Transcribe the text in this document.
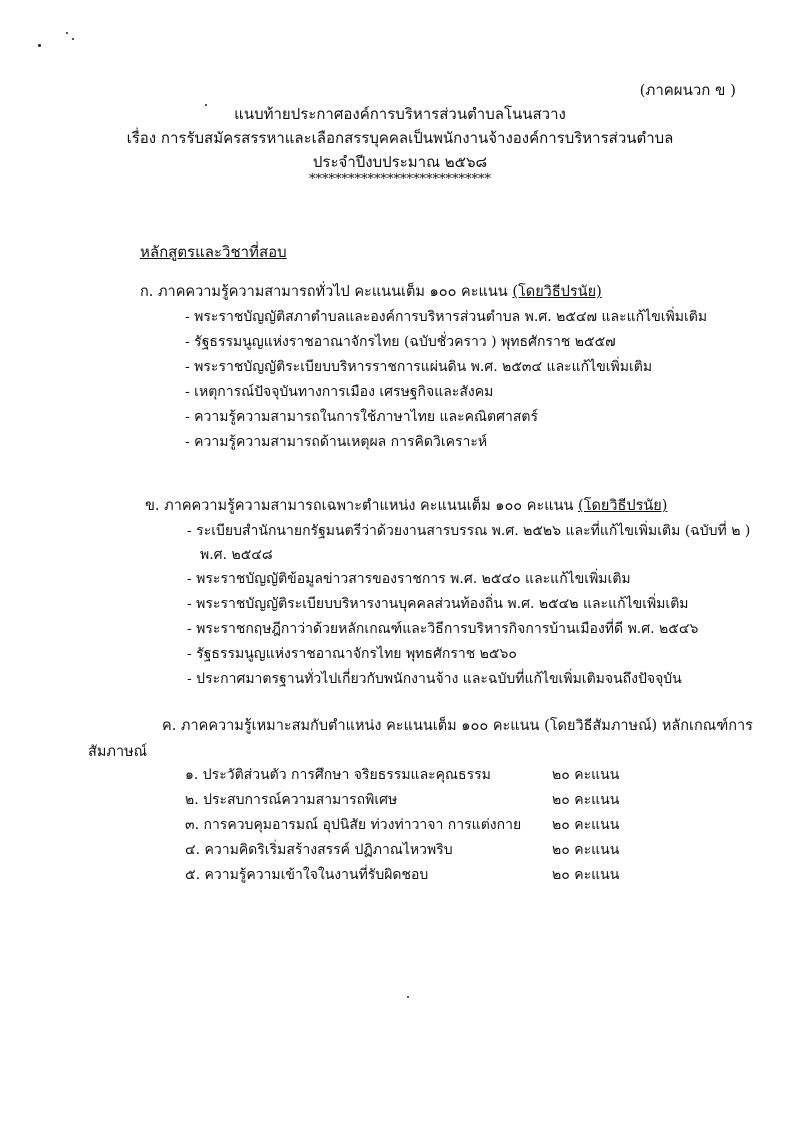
(ภาคผนวก ข )
แนบท้ายประกาศองค์การบริหารส่วนตำบลโนนสวาง
เรื่อง การรับสมัครสรรหาและเลือกสรรบุคคลเป็นพนักงานจ้างองค์การบริหารส่วนตำบล
ประจำปีงบประมาณ ๒๕๖๘
****************************
หลักสูตรและวิชาที่สอบ
ก. ภาคความรู้ความสามารถทั่วไป คะแนนเต็ม ๑๐๐ คะแนน (โดยวิธีปรนัย)
- พระราชบัญญัติสภาตำบลและองค์การบริหารส่วนตำบล พ.ศ. ๒๕๔๗ และแก้ไขเพิ่มเติม
- รัฐธรรมนูญแห่งราชอาณาจักรไทย (ฉบับชั่วคราว ) พุทธศักราช ๒๕๕๗
- พระราชบัญญัติระเบียบบริหารราชการแผ่นดิน พ.ศ. ๒๕๓๔ และแก้ไขเพิ่มเติม
- เหตุการณ์ปัจจุบันทางการเมือง เศรษฐกิจและสังคม
- ความรู้ความสามารถในการใช้ภาษาไทย และคณิตศาสตร์
- ความรู้ความสามารถด้านเหตุผล การคิดวิเคราะห์
ข. ภาคความรู้ความสามารถเฉพาะตำแหน่ง คะแนนเต็ม ๑๐๐ คะแนน (โดยวิธีปรนัย)
- ระเบียบสำนักนายกรัฐมนตรีว่าด้วยงานสารบรรณ พ.ศ. ๒๕๒๖ และที่แก้ไขเพิ่มเติม (ฉบับที่ ๒ )
พ.ศ. ๒๕๔๘
- พระราชบัญญัติข้อมูลข่าวสารของราชการ พ.ศ. ๒๕๔๐ และแก้ไขเพิ่มเติม
- พระราชบัญญัติระเบียบบริหารงานบุคคลส่วนท้องถิ่น พ.ศ. ๒๕๔๒ และแก้ไขเพิ่มเติม
- พระราชกฤษฎีกาว่าด้วยหลักเกณฑ์และวิธีการบริหารกิจการบ้านเมืองที่ดี พ.ศ. ๒๕๔๖
- รัฐธรรมนูญแห่งราชอาณาจักรไทย พุทธศักราช ๒๕๖๐
- ประกาศมาตรฐานทั่วไปเกี่ยวกับพนักงานจ้าง และฉบับที่แก้ไขเพิ่มเติมจนถึงปัจจุบัน
ค. ภาคความรู้เหมาะสมกับตำแหน่ง คะแนนเต็ม ๑๐๐ คะแนน (โดยวิธีสัมภาษณ์) หลักเกณฑ์การ
สัมภาษณ์
๑. ประวัติส่วนตัว การศึกษา จริยธรรมและคุณธรรม	๒๐ คะแนน
๒. ประสบการณ์ความสามารถพิเศษ	๒๐ คะแนน
๓. การควบคุมอารมณ์ อุปนิสัย ท่วงท่าวาจา การแต่งกาย ๒๐ คะแนน
๔. ความคิดริเริ่มสร้างสรรค์ ปฏิภาณไหวพริบ	๒๐ คะแนน
๕. ความรู้ความเข้าใจในงานที่รับผิดชอบ	๒๐ คะแนน
